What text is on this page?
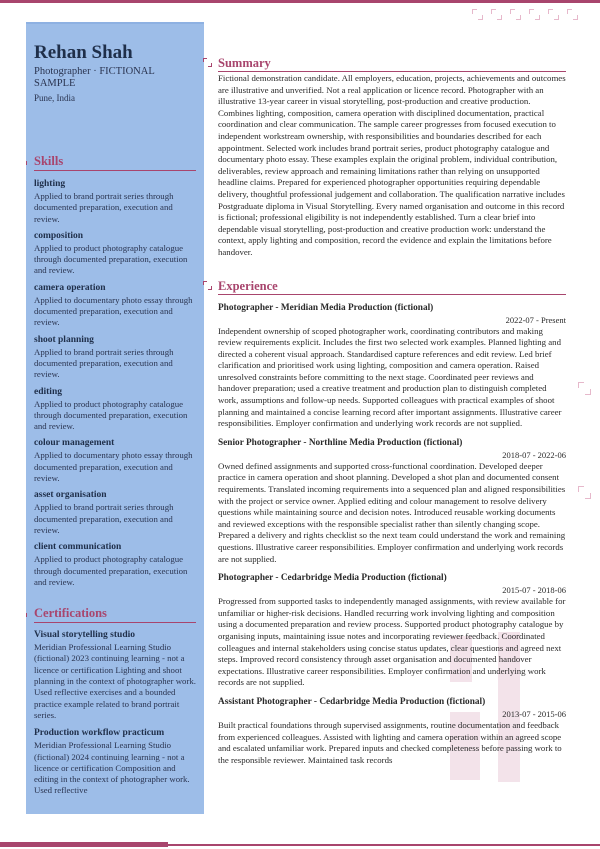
Rehan Shah
Photographer · FICTIONAL SAMPLE
Pune, India
Skills
lighting
Applied to brand portrait series through documented preparation, execution and review.
composition
Applied to product photography catalogue through documented preparation, execution and review.
camera operation
Applied to documentary photo essay through documented preparation, execution and review.
shoot planning
Applied to brand portrait series through documented preparation, execution and review.
editing
Applied to product photography catalogue through documented preparation, execution and review.
colour management
Applied to documentary photo essay through documented preparation, execution and review.
asset organisation
Applied to brand portrait series through documented preparation, execution and review.
client communication
Applied to product photography catalogue through documented preparation, execution and review.
Certifications
Visual storytelling studio
Meridian Professional Learning Studio (fictional) 2023 continuing learning - not a licence or certification Lighting and shoot planning in the context of photographer work. Used reflective exercises and a bounded practice example related to brand portrait series.
Production workflow practicum
Meridian Professional Learning Studio (fictional) 2024 continuing learning - not a licence or certification Composition and editing in the context of photographer work. Used reflective
Summary

Fictional demonstration candidate. All employers, education, projects, achievements and outcomes are illustrative and unverified. Not a real application or licence record. Photographer with an illustrative 13-year career in visual storytelling, post-production and creative production. Combines lighting, composition, camera operation with disciplined documentation, practical coordination and clear communication. The sample career progresses from focused execution to independent workstream ownership, with responsibilities and boundaries described for each appointment. Selected work includes brand portrait series, product photography catalogue and documentary photo essay. These examples explain the original problem, individual contribution, deliverables, review approach and remaining limitations rather than relying on unsupported headline claims. Prepared for experienced photographer opportunities requiring dependable delivery, thoughtful professional judgement and collaboration. The qualification narrative includes Postgraduate diploma in Visual Storytelling. Every named organisation and outcome in this record is fictional; professional eligibility is not independently established. Turn a clear brief into dependable visual storytelling, post-production and creative production work: understand the context, apply lighting and composition, record the evidence and explain the limitations before handover.

Experience
Photographer - Meridian Media Production (fictional)
2022-07 - Present
Independent ownership of scoped photographer work, coordinating contributors and making review requirements explicit. Includes the first two selected work examples. Planned lighting and directed a coherent visual approach. Standardised capture references and edit review. Led brief clarification and prioritised work using lighting, composition and camera operation. Raised unresolved constraints before committing to the next stage. Coordinated peer reviews and handover preparation; used a creative treatment and production plan to distinguish completed work, assumptions and follow-up needs. Supported colleagues with practical examples of shoot planning and maintained a concise learning record after important assignments. Illustrative career responsibilities. Employer confirmation and underlying work records are not supplied.
Senior Photographer - Northline Media Production (fictional)
2018-07 - 2022-06
Owned defined assignments and supported cross-functional coordination. Developed deeper practice in camera operation and shoot planning. Developed a shot plan and documented consent requirements. Translated incoming requirements into a sequenced plan and aligned responsibilities with the project or service owner. Applied editing and colour management to resolve delivery questions while maintaining source and decision notes. Introduced reusable working documents and reviewed exceptions with the responsible specialist rather than silently changing scope. Prepared a delivery and rights checklist so the next team could understand the work and remaining questions. Illustrative career responsibilities. Employer confirmation and underlying work records are not supplied.
Photographer - Cedarbridge Media Production (fictional)
2015-07 - 2018-06
Progressed from supported tasks to independently managed assignments, with review available for unfamiliar or higher-risk decisions. Handled recurring work involving lighting and composition using a documented preparation and review process. Supported product photography catalogue by organising inputs, maintaining issue notes and incorporating reviewer feedback. Coordinated colleagues and internal stakeholders using concise status updates, clear questions and agreed next steps. Improved record consistency through asset organisation and documented handover expectations. Illustrative career responsibilities. Employer confirmation and underlying work records are not supplied.
Assistant Photographer - Cedarbridge Media Production (fictional)
2013-07 - 2015-06
Built practical foundations through supervised assignments, routine documentation and feedback from experienced colleagues. Assisted with lighting and camera operation within an agreed scope and escalated unfamiliar work. Prepared inputs and checked completeness before passing work to the responsible reviewer. Maintained task records
